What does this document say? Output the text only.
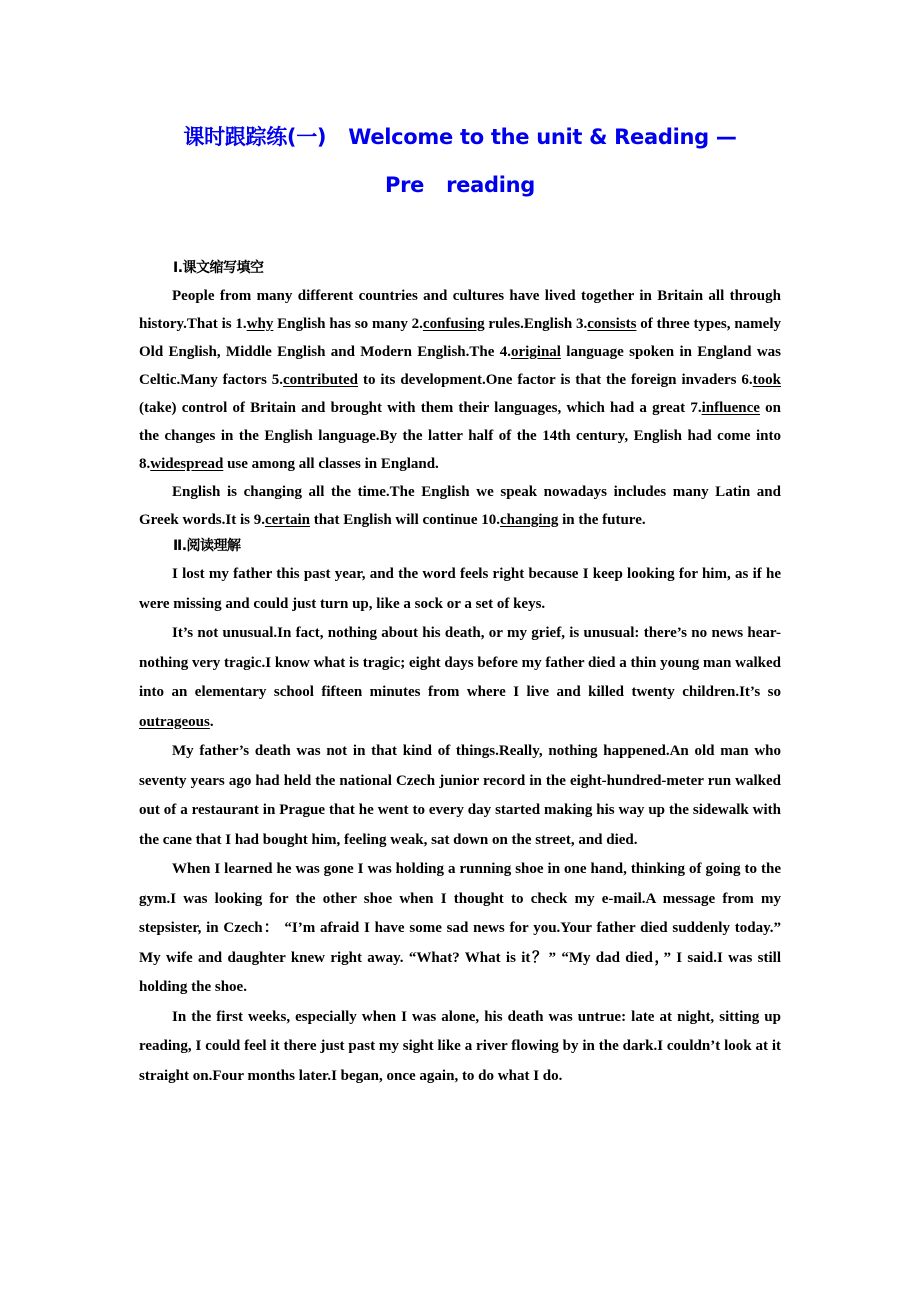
课时跟踪练(一) Welcome to the unit & Reading —
Pre reading
Ⅰ.课文缩写填空

People from many different countries and cultures have lived together in Britain all through history.That is 1.why English has so many 2.confusing rules.English 3.consists of three types, namely Old English, Middle English and Modern English.The 4.original language spoken in England was Celtic.Many factors 5.contributed to its development.One factor is that the foreign invaders 6.took (take) control of Britain and brought with them their languages, which had a great 7.influence on the changes in the English language.By the latter half of the 14th century, English had come into 8.widespread use among all classes in England.

English is changing all the time.The English we speak nowadays includes many Latin and Greek words.It is 9.certain that English will continue 10.changing in the future.

Ⅱ.阅读理解

I lost my father this past year, and the word feels right because I keep looking for him, as if he were missing and could just turn up, like a sock or a set of keys.

It’s not unusual.In fact, nothing about his death, or my grief, is unusual: there’s no news hear-nothing very tragic.I know what is tragic; eight days before my father died a thin young man walked into an elementary school fifteen minutes from where I live and killed twenty children.It’s so outrageous.

My father’s death was not in that kind of things.Really, nothing happened.An old man who seventy years ago had held the national Czech junior record in the eight-hundred-meter run walked out of a restaurant in Prague that he went to every day started making his way up the sidewalk with the cane that I had bought him, feeling weak, sat down on the street, and died.

When I learned he was gone I was holding a running shoe in one hand, thinking of going to the gym.I was looking for the other shoe when I thought to check my e-mail.A message from my stepsister, in Czech： “I’m afraid I have some sad news for you.Your father died suddenly today.” My wife and daughter knew right away. “What? What is it？” “My dad died，” I said.I was still holding the shoe.

In the first weeks, especially when I was alone, his death was untrue: late at night, sitting up reading, I could feel it there just past my sight like a river flowing by in the dark.I couldn’t look at it straight on.Four months later.I began, once again, to do what I do.
